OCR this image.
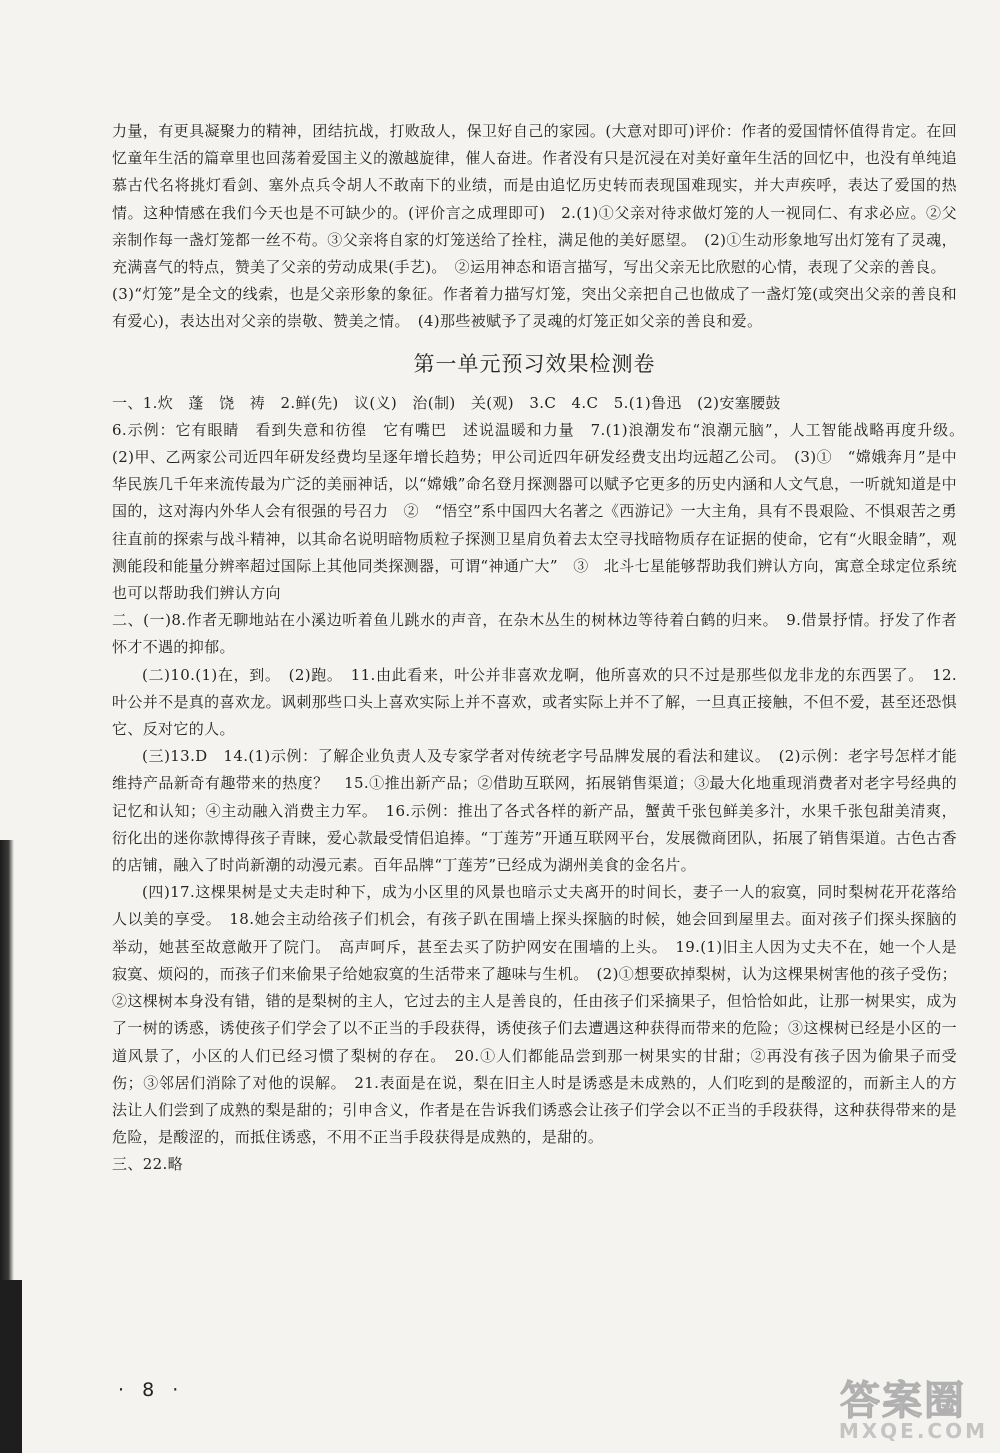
力量，有更具凝聚力的精神，团结抗战，打败敌人，保卫好自己的家园。(大意对即可)评价：作者的爱国情怀值得肯定。在回忆童年生活的篇章里也回荡着爱国主义的激越旋律，催人奋进。作者没有只是沉浸在对美好童年生活的回忆中，也没有单纯追慕古代名将挑灯看剑、塞外点兵令胡人不敢南下的业绩，而是由追忆历史转而表现国难现实，并大声疾呼，表达了爱国的热情。这种情感在我们今天也是不可缺少的。(评价言之成理即可)　2.(1)①父亲对待求做灯笼的人一视同仁、有求必应。②父亲制作每一盏灯笼都一丝不苟。③父亲将自家的灯笼送给了拴柱，满足他的美好愿望。　(2)①生动形象地写出灯笼有了灵魂，充满喜气的特点，赞美了父亲的劳动成果(手艺)。　②运用神态和语言描写，写出父亲无比欣慰的心情，表现了父亲的善良。

(3)“灯笼”是全文的线索，也是父亲形象的象征。作者着力描写灯笼，突出父亲把自己也做成了一盏灯笼(或突出父亲的善良和有爱心)，表达出对父亲的崇敬、赞美之情。　(4)那些被赋予了灵魂的灯笼正如父亲的善良和爱。

第一单元预习效果检测卷

一、1.炊　蓬　饶　祷　2.鲜(先)　议(义)　治(制)　关(观)　3.C　4.C　5.(1)鲁迅　(2)安塞腰鼓

6.示例：它有眼睛　看到失意和彷徨　它有嘴巴　述说温暖和力量　7.(1)浪潮发布“浪潮元脑”，人工智能战略再度升级。　(2)甲、乙两家公司近四年研发经费均呈逐年增长趋势；甲公司近四年研发经费支出均远超乙公司。　(3)①　“嫦娥奔月”是中华民族几千年来流传最为广泛的美丽神话，以“嫦娥”命名登月探测器可以赋予它更多的历史内涵和人文气息，一听就知道是中国的，这对海内外华人会有很强的号召力　②　“悟空”系中国四大名著之《西游记》一大主角，具有不畏艰险、不惧艰苦之勇往直前的探索与战斗精神，以其命名说明暗物质粒子探测卫星肩负着去太空寻找暗物质存在证据的使命，它有“火眼金睛”，观测能段和能量分辨率超过国际上其他同类探测器，可谓“神通广大”　③　北斗七星能够帮助我们辨认方向，寓意全球定位系统也可以帮助我们辨认方向

二、(一)8.作者无聊地站在小溪边听着鱼儿跳水的声音，在杂木丛生的树林边等待着白鹤的归来。　9.借景抒情。抒发了作者怀才不遇的抑郁。

(二)10.(1)在，到。　(2)跑。　11.由此看来，叶公并非喜欢龙啊，他所喜欢的只不过是那些似龙非龙的东西罢了。　12.叶公并不是真的喜欢龙。讽刺那些口头上喜欢实际上并不喜欢，或者实际上并不了解，一旦真正接触，不但不爱，甚至还恐惧它、反对它的人。

(三)13.D　14.(1)示例：了解企业负责人及专家学者对传统老字号品牌发展的看法和建议。　(2)示例：老字号怎样才能维持产品新奇有趣带来的热度？　15.①推出新产品；②借助互联网，拓展销售渠道；③最大化地重现消费者对老字号经典的记忆和认知；④主动融入消费主力军。　16.示例：推出了各式各样的新产品，蟹黄千张包鲜美多汁，水果千张包甜美清爽，衍化出的迷你款博得孩子青睐，爱心款最受情侣追捧。“丁莲芳”开通互联网平台，发展微商团队，拓展了销售渠道。古色古香的店铺，融入了时尚新潮的动漫元素。百年品牌“丁莲芳”已经成为湖州美食的金名片。

(四)17.这棵果树是丈夫走时种下，成为小区里的风景也暗示丈夫离开的时间长，妻子一人的寂寞，同时梨树花开花落给人以美的享受。　18.她会主动给孩子们机会，有孩子趴在围墙上探头探脑的时候，她会回到屋里去。面对孩子们探头探脑的举动，她甚至故意敞开了院门。　高声呵斥，甚至去买了防护网安在围墙的上头。　19.(1)旧主人因为丈夫不在，她一个人是寂寞、烦闷的，而孩子们来偷果子给她寂寞的生活带来了趣味与生机。　(2)①想要砍掉梨树，认为这棵果树害他的孩子受伤；②这棵树本身没有错，错的是梨树的主人，它过去的主人是善良的，任由孩子们采摘果子，但恰恰如此，让那一树果实，成为了一树的诱惑，诱使孩子们学会了以不正当的手段获得，诱使孩子们去遭遇这种获得而带来的危险；③这棵树已经是小区的一道风景了，小区的人们已经习惯了梨树的存在。　20.①人们都能品尝到那一树果实的甘甜；②再没有孩子因为偷果子而受伤；③邻居们消除了对他的误解。　21.表面是在说，梨在旧主人时是诱惑是未成熟的，人们吃到的是酸涩的，而新主人的方法让人们尝到了成熟的梨是甜的；引申含义，作者是在告诉我们诱惑会让孩子们学会以不正当的手段获得，这种获得带来的是危险，是酸涩的，而抵住诱惑，不用不正当手段获得是成熟的，是甜的。

三、22.略

· 8 ·	答案圈
MXQE.COM
